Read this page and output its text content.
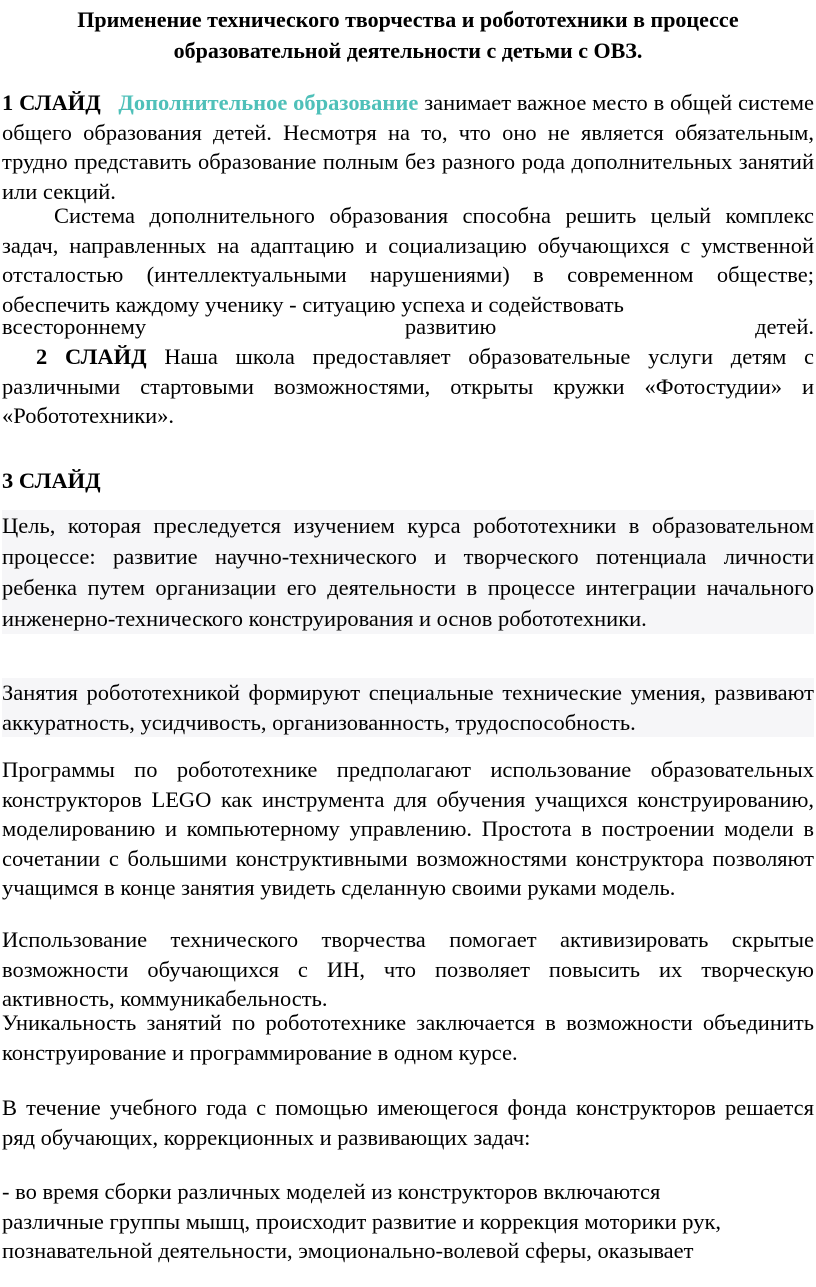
Применение технического творчества и робототехники в процессе
образовательной деятельности с детьми с ОВЗ.
1 СЛАЙД Дополнительное образование занимает важное место в общей системе общего образования детей. Несмотря на то, что оно не является обязательным, трудно представить образование полным без разного рода дополнительных занятий или секций.
Система дополнительного образования способна решить целый комплекс задач, направленных на адаптацию и социализацию обучающихся с умственной отсталостью (интеллектуальными нарушениями) в современном обществе; обеспечить каждому ученику - ситуацию успеха и содействовать
всестороннему развитию детей.
2 СЛАЙД Наша школа предоставляет образовательные услуги детям с различными стартовыми возможностями, открыты кружки «Фотостудии» и «Робототехники».
3 СЛАЙД
Цель, которая преследуется изучением курса робототехники в образовательном процессе: развитие научно-технического и творческого потенциала личности ребенка путем организации его деятельности в процессе интеграции начального инженерно-технического конструирования и основ робототехники.
Занятия робототехникой формируют специальные технические умения, развивают аккуратность, усидчивость, организованность, трудоспособность.
Программы по робототехнике предполагают использование образовательных конструкторов LEGO как инструмента для обучения учащихся конструированию, моделированию и компьютерному управлению. Простота в построении модели в сочетании с большими конструктивными возможностями конструктора позволяют учащимся в конце занятия увидеть сделанную своими руками модель.
Использование технического творчества помогает активизировать скрытые возможности обучающихся с ИН, что позволяет повысить их творческую активность, коммуникабельность.
Уникальность занятий по робототехнике заключается в возможности объединить конструирование и программирование в одном курсе.
В течение учебного года с помощью имеющегося фонда конструкторов решается ряд обучающих, коррекционных и развивающих задач:
- во время сборки различных моделей из конструкторов включаются
различные группы мышц, происходит развитие и коррекция моторики рук,
познавательной деятельности, эмоционально-волевой сферы, оказывает
